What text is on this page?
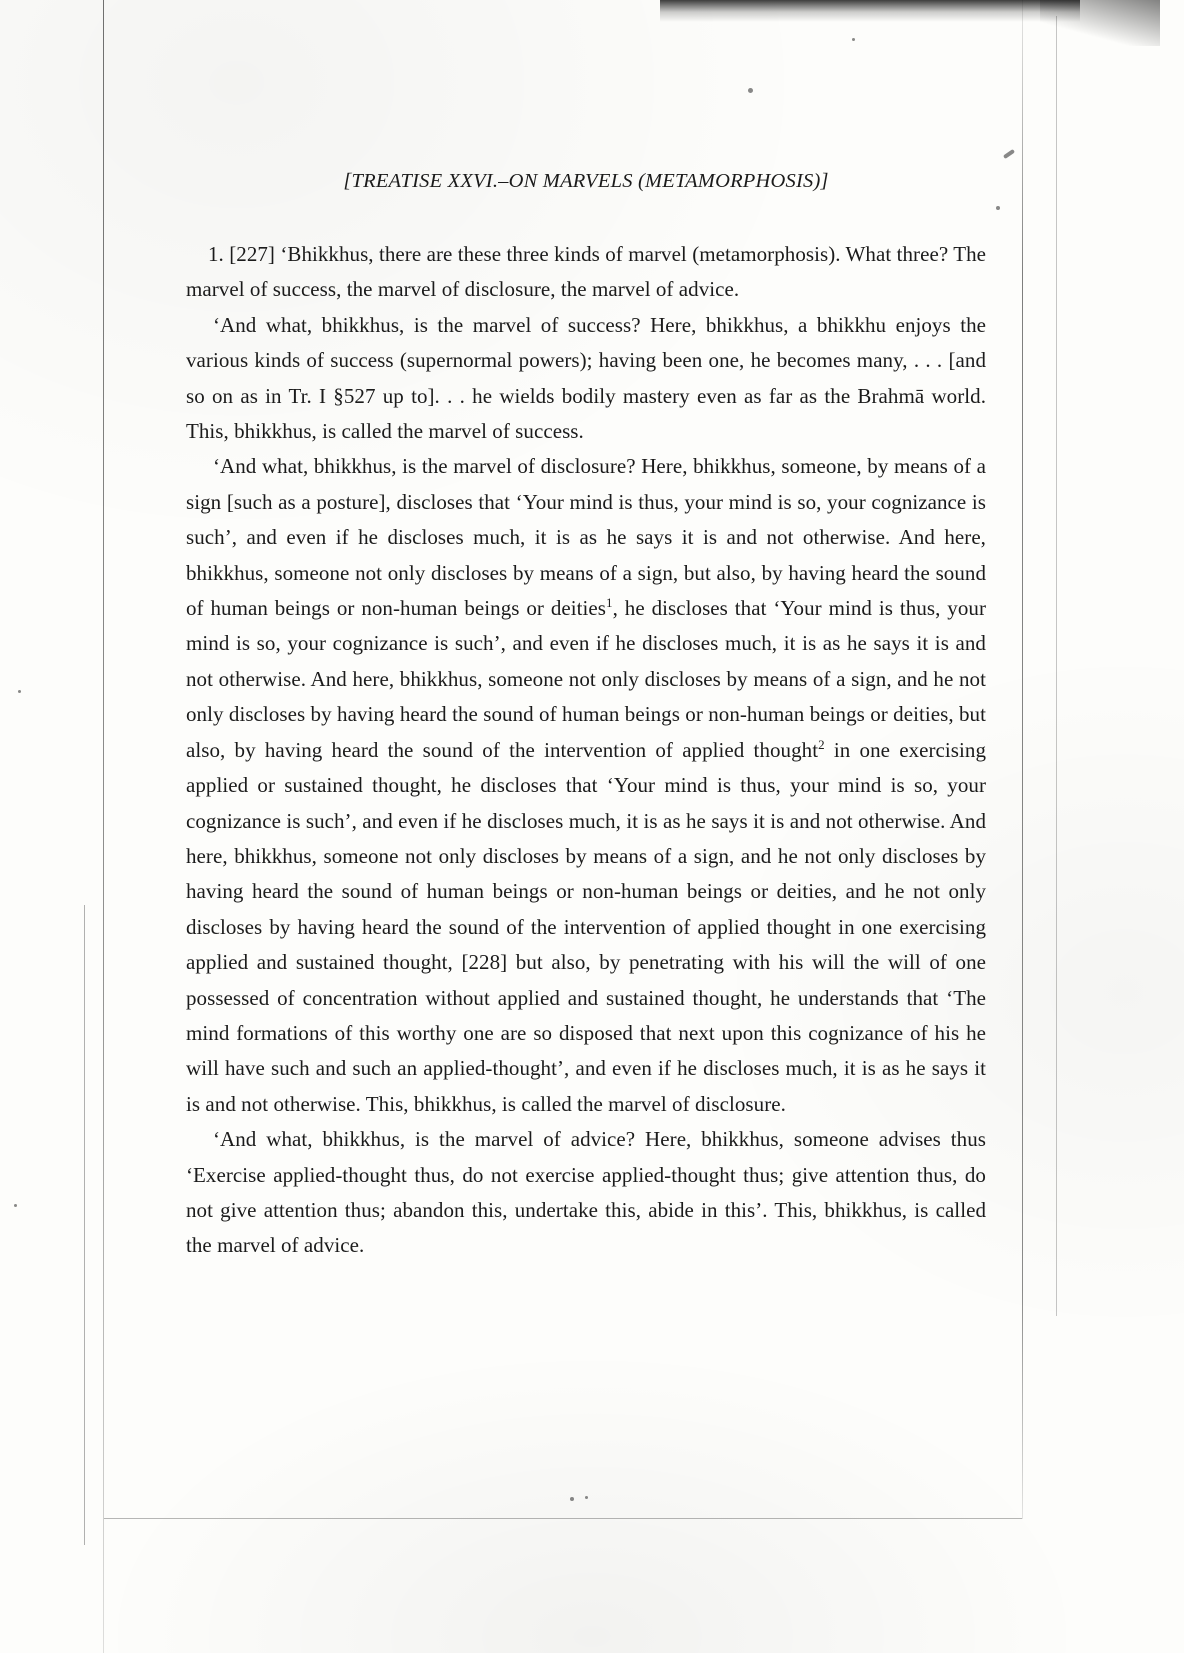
[TREATISE XXVI.–ON MARVELS (METAMORPHOSIS)]

1. [227] ‘Bhikkhus, there are these three kinds of marvel (metamorphosis). What three? The marvel of success, the marvel of disclosure, the marvel of advice.

‘And what, bhikkhus, is the marvel of success? Here, bhikkhus, a bhikkhu enjoys the various kinds of success (supernormal powers); having been one, he becomes many, . . . [and so on as in Tr. I §527 up to]. . . he wields bodily mastery even as far as the Brahmā world. This, bhikkhus, is called the marvel of success.

‘And what, bhikkhus, is the marvel of disclosure? Here, bhikkhus, someone, by means of a sign [such as a posture], discloses that ‘Your mind is thus, your mind is so, your cognizance is such’, and even if he discloses much, it is as he says it is and not otherwise. And here, bhikkhus, someone not only discloses by means of a sign, but also, by having heard the sound of human beings or non-human beings or deities$^1$, he discloses that ‘Your mind is thus, your mind is so, your cognizance is such’, and even if he discloses much, it is as he says it is and not otherwise. And here, bhikkhus, someone not only discloses by means of a sign, and he not only discloses by having heard the sound of human beings or non-human beings or deities, but also, by having heard the sound of the intervention of applied thought$^2$ in one exercising applied or sustained thought, he discloses that ‘Your mind is thus, your mind is so, your cognizance is such’, and even if he discloses much, it is as he says it is and not otherwise. And here, bhikkhus, someone not only discloses by means of a sign, and he not only discloses by having heard the sound of human beings or non-human beings or deities, and he not only discloses by having heard the sound of the intervention of applied thought in one exercising applied and sustained thought, [228] but also, by penetrating with his will the will of one possessed of concentration without applied and sustained thought, he understands that ‘The mind formations of this worthy one are so disposed that next upon this cognizance of his he will have such and such an applied-thought’, and even if he discloses much, it is as he says it is and not otherwise. This, bhikkhus, is called the marvel of disclosure.

‘And what, bhikkhus, is the marvel of advice? Here, bhikkhus, someone advises thus ‘Exercise applied-thought thus, do not exercise applied-thought thus; give attention thus, do not give attention thus; abandon this, undertake this, abide in this’. This, bhikkhus, is called the marvel of advice.
